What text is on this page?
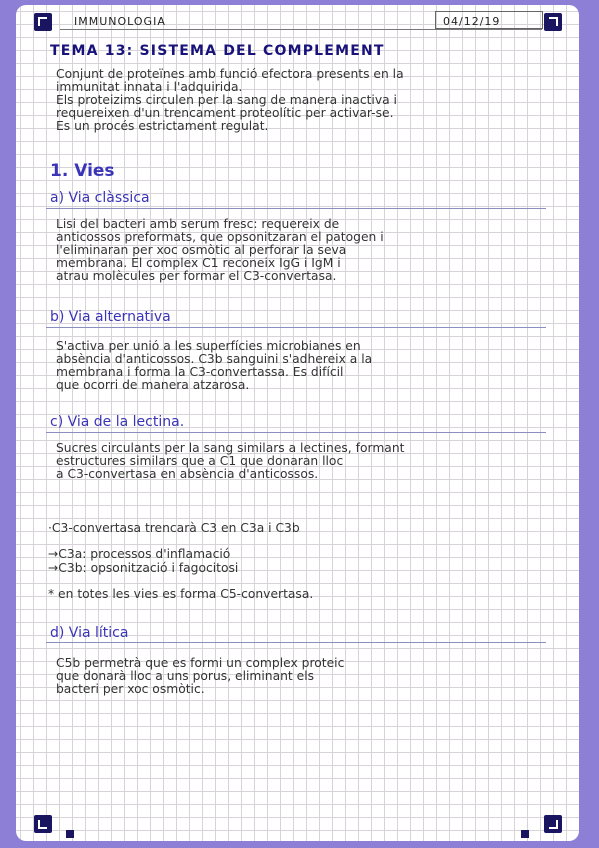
IMMUNOLOGIA	04/12/19
TEMA 13: SISTEMA DEL COMPLEMENT
Conjunt de proteïnes amb funció efectora presents en la
immunitat innata i l'adquirida.
Els proteizims circulen per la sang de manera inactiva i
requereixen d'un trencament proteolític per activar-se.
És un procés estrictament regulat.
1. Vies
a) Via clàssica
Lisi del bacteri amb serum fresc: requereix de
anticossos preformats, que opsonitzaran el patogen i
l'eliminaran per xoc osmòtic al perforar la seva
membrana. El complex C1 reconeix IgG i IgM i
atrau molècules per formar el C3-convertasa.
b) Via alternativa
S'activa per unió a les superfícies microbianes en
absència d'anticossos. C3b sanguini s'adhereix a la
membrana i forma la C3-convertassa. És difícil
que ocorri de manera atzarosa.
c) Via de la lectina.
Sucres circulants per la sang similars a lectines, formant
estructures similars que a C1 que donaran lloc
a C3-convertasa en absència d'anticossos.
·C3-convertasa trencarà C3 en C3a i C3b
→C3a: processos d'inflamació
→C3b: opsonització i fagocitosi
* en totes les vies es forma C5-convertasa.
d) Via lítica
C5b permetrà que es formi un complex proteic
que donarà lloc a uns porus, eliminant els
bacteri per xoc osmòtic.
